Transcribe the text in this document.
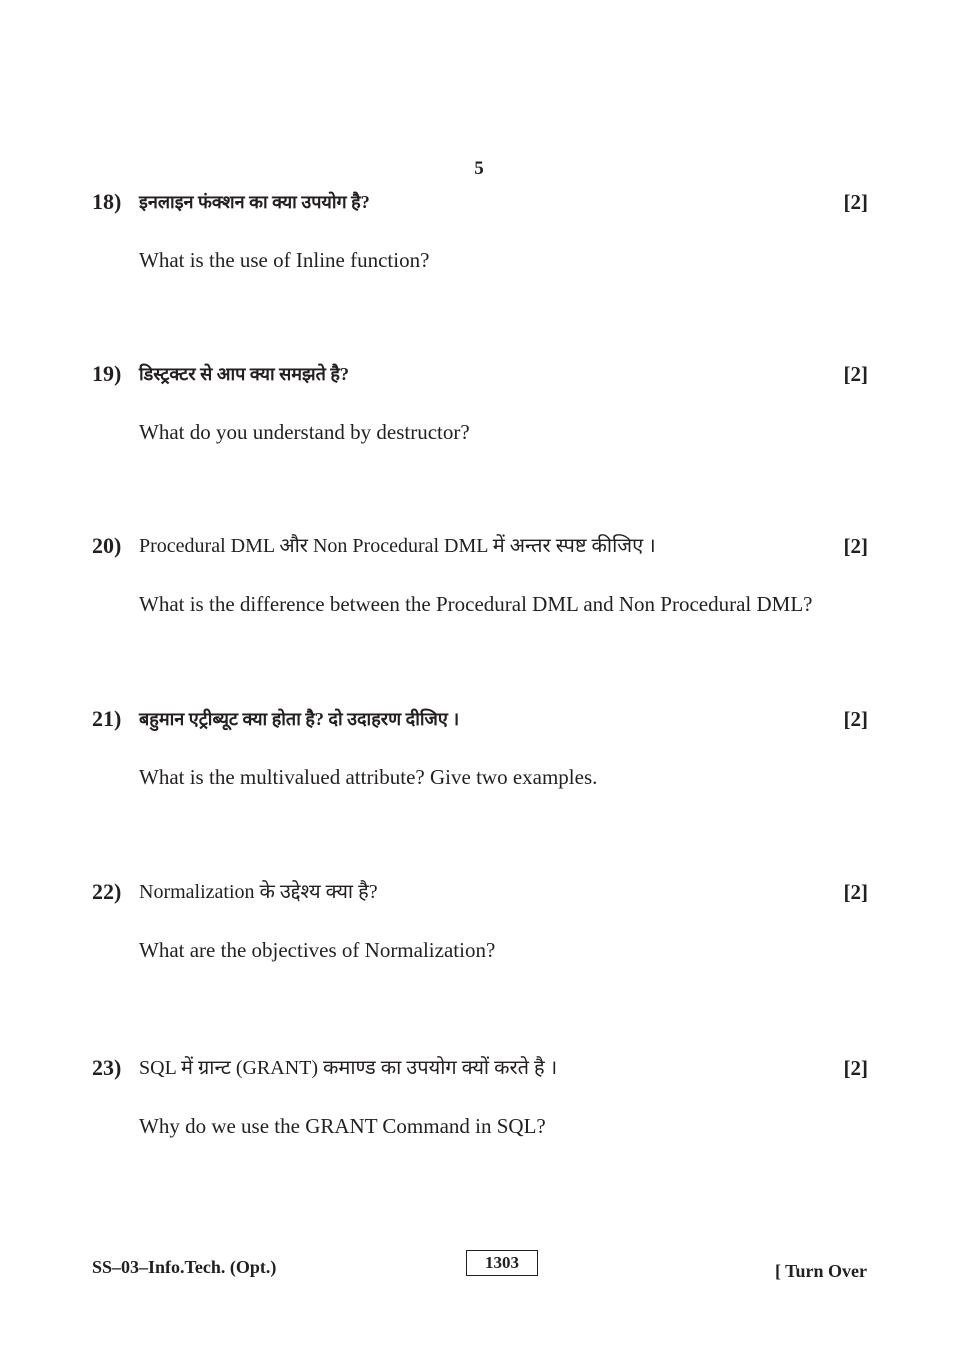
5
18) इनलाइन फंक्शन का क्या उपयोग है?	[2]
What is the use of Inline function?
19) डिस्ट्रक्टर से आप क्या समझते है?	[2]
What do you understand by destructor?
20) Procedural DML और Non Procedural DML में अन्तर स्पष्ट कीजिए ।	[2]
What is the difference between the Procedural DML and Non Procedural DML?
21) बहुमान एट्रीब्यूट क्या होता है? दो उदाहरण दीजिए ।	[2]
What is the multivalued attribute? Give two examples.
22) Normalization के उद्देश्य क्या है?	[2]
What are the objectives of Normalization?
23) SQL में ग्रान्ट (GRANT) कमाण्ड का उपयोग क्यों करते है ।	[2]
Why do we use the GRANT Command in SQL?
SS–03–Info.Tech. (Opt.)	1303	[ Turn Over
